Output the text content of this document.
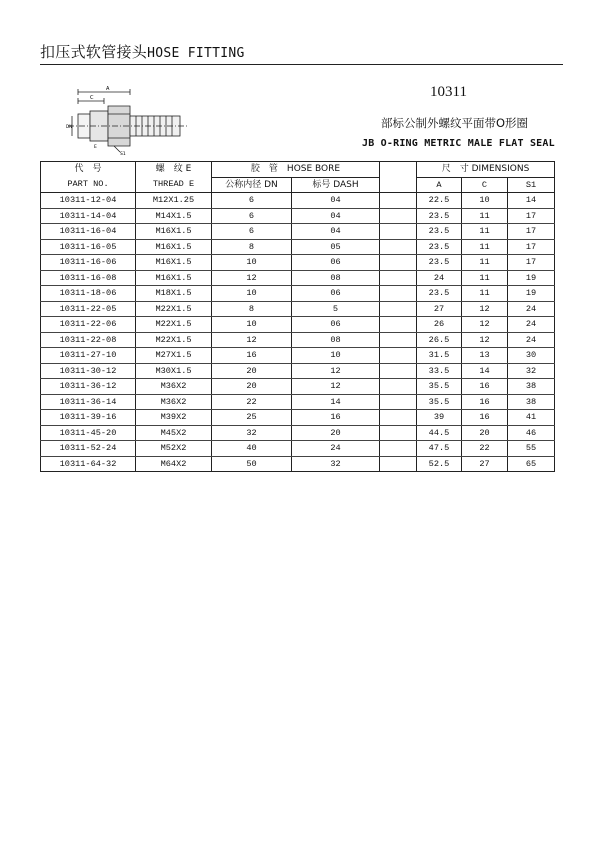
扣压式软管接头HOSE FITTING
A
C
DN
S1
E
10311
部标公制外螺纹平面带O形圈
JB O-RING METRIC MALE FLAT SEAL
代　号	螺　纹 E	胶　管　HOSE BORE			尺　寸 DIMENSIONS		
PART NO.	THREAD E	公称内径 DN	标号 DASH		A	C	S1
10311-12-04	M12X1.25	6	04		22.5	10	14
10311-14-04	M14X1.5	6	04		23.5	11	17
10311-16-04	M16X1.5	6	04		23.5	11	17
10311-16-05	M16X1.5	8	05		23.5	11	17
10311-16-06	M16X1.5	10	06		23.5	11	17
10311-16-08	M16X1.5	12	08		24	11	19
10311-18-06	M18X1.5	10	06		23.5	11	19
10311-22-05	M22X1.5	8	5		27	12	24
10311-22-06	M22X1.5	10	06		26	12	24
10311-22-08	M22X1.5	12	08		26.5	12	24
10311-27-10	M27X1.5	16	10		31.5	13	30
10311-30-12	M30X1.5	20	12		33.5	14	32
10311-36-12	M36X2	20	12		35.5	16	38
10311-36-14	M36X2	22	14		35.5	16	38
10311-39-16	M39X2	25	16		39	16	41
10311-45-20	M45X2	32	20		44.5	20	46
10311-52-24	M52X2	40	24		47.5	22	55
10311-64-32	M64X2	50	32		52.5	27	65
